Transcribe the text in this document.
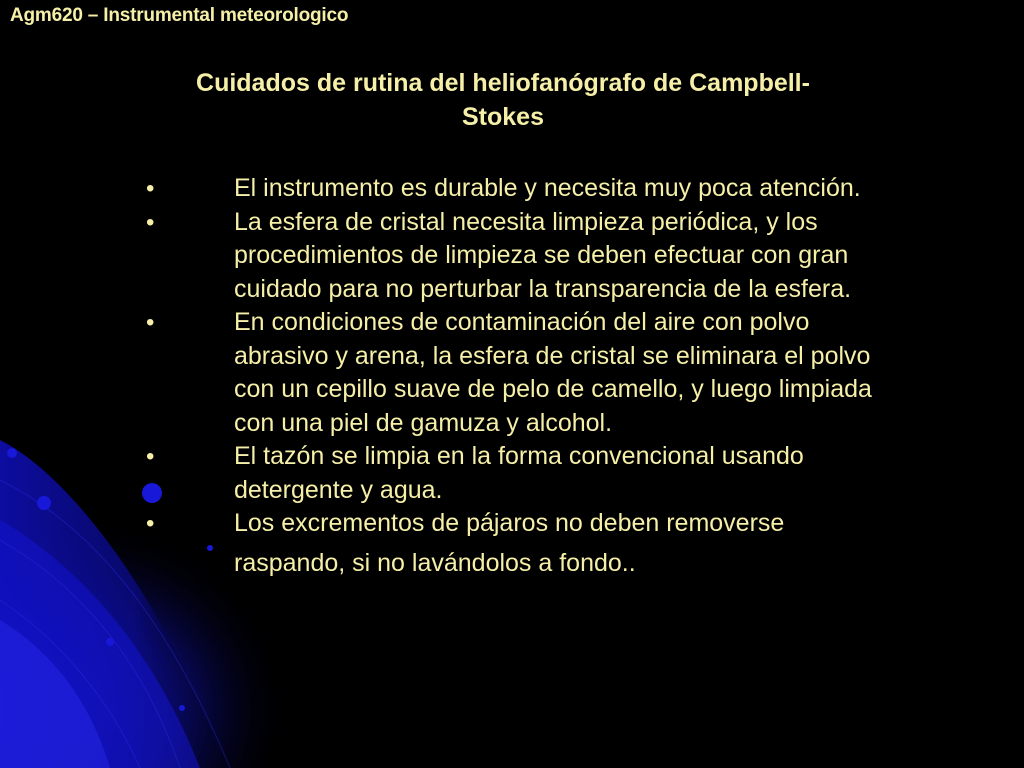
Agm620 – Instrumental meteorologico
Cuidados de rutina del heliofanógrafo de Campbell-
Stokes
•	El instrumento es durable y necesita muy poca atención.
•	La esfera de cristal necesita limpieza periódica, y los procedimientos de limpieza se deben efectuar con gran cuidado para no perturbar la transparencia de la esfera.
•	En condiciones de contaminación del aire con polvo abrasivo y arena, la esfera de cristal se eliminara el polvo con un cepillo suave de pelo de camello, y luego limpiada con una piel de gamuza y alcohol.
•	El tazón se limpia en la forma convencional usando detergente y agua.
•	Los excrementos de pájaros no deben removerse
raspando, si no lavándolos a fondo..
